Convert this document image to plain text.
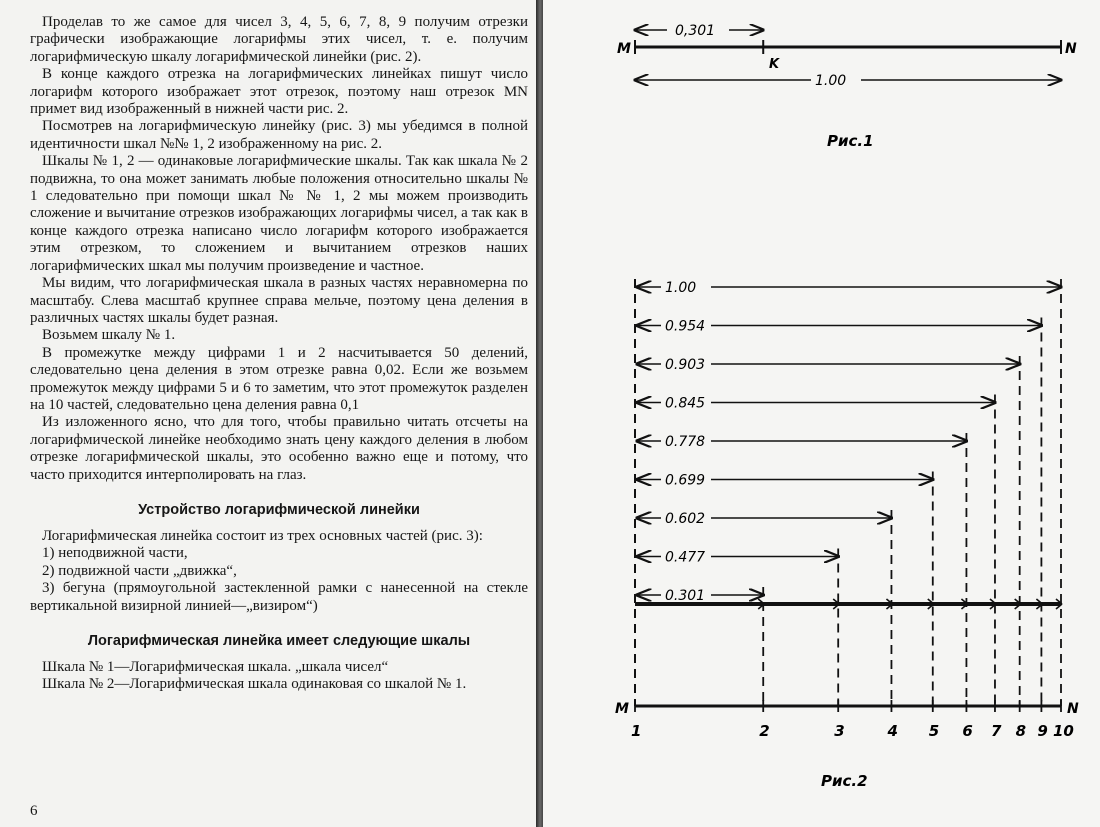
Проделав то же самое для чисел 3, 4, 5, 6, 7, 8, 9 получим отрезки графически изображающие логарифмы этих чисел, т. е. получим логарифмическую шкалу логарифмической линейки (рис. 2).

В конце каждого отрезка на логарифмических линейках пишут число логарифм которого изображает этот отрезок, поэтому наш отрезок MN примет вид изображенный в нижней части рис. 2.

Посмотрев на логарифмическую линейку (рис. 3) мы убедимся в полной идентичности шкал №№ 1, 2 изображенному на рис. 2.

Шкалы № 1, 2 — одинаковые логарифмические шкалы. Так как шкала № 2 подвижна, то она может занимать любые положения относительно шкалы № 1 следовательно при помощи шкал № № 1, 2 мы можем производить сложение и вычитание отрезков изображающих логарифмы чисел, а так как в конце каждого отрезка написано число логарифм которого изображается этим отрезком, то сложением и вычитанием отрезков наших логарифмических шкал мы получим произведение и частное.

Мы видим, что логарифмическая шкала в разных частях неравномерна по масштабу. Слева масштаб крупнее справа мельче, поэтому цена деления в различных частях шкалы будет разная.

Возьмем шкалу № 1.

В промежутке между цифрами 1 и 2 насчитывается 50 делений, следовательно цена деления в этом отрезке равна 0,02. Если же возьмем промежуток между цифрами 5 и 6 то заметим, что этот промежуток разделен на 10 частей, следовательно цена деления равна 0,1

Из изложенного ясно, что для того, чтобы правильно читать отсчеты на логарифмической линейке необходимо знать цену каждого деления в любом отрезке логарифмической шкалы, это особенно важно еще и потому, что часто приходится интерполировать на глаз.

Устройство логарифмической линейки

Логарифмическая линейка состоит из трех основных частей (рис. 3):

1) неподвижной части,

2) подвижной части „движка“,

3) бегуна (прямоугольной застекленной рамки с нанесенной на стекле вертикальной визирной линией—„визиром“)

Логарифмическая линейка имеет следующие шкалы

Шкала № 1—Логарифмическая шкала. „шкала чисел“

Шкала № 2—Логарифмическая шкала одинаковая со шкалой № 1.

6
0,301
1.00
M	N
K
Рис.1
M	N
Рис.2
1.00
0.954
0.903
0.845
0.778
0.699
0.602
0.477
0.301
1	2	3	4 5 6 7 8 9 10
